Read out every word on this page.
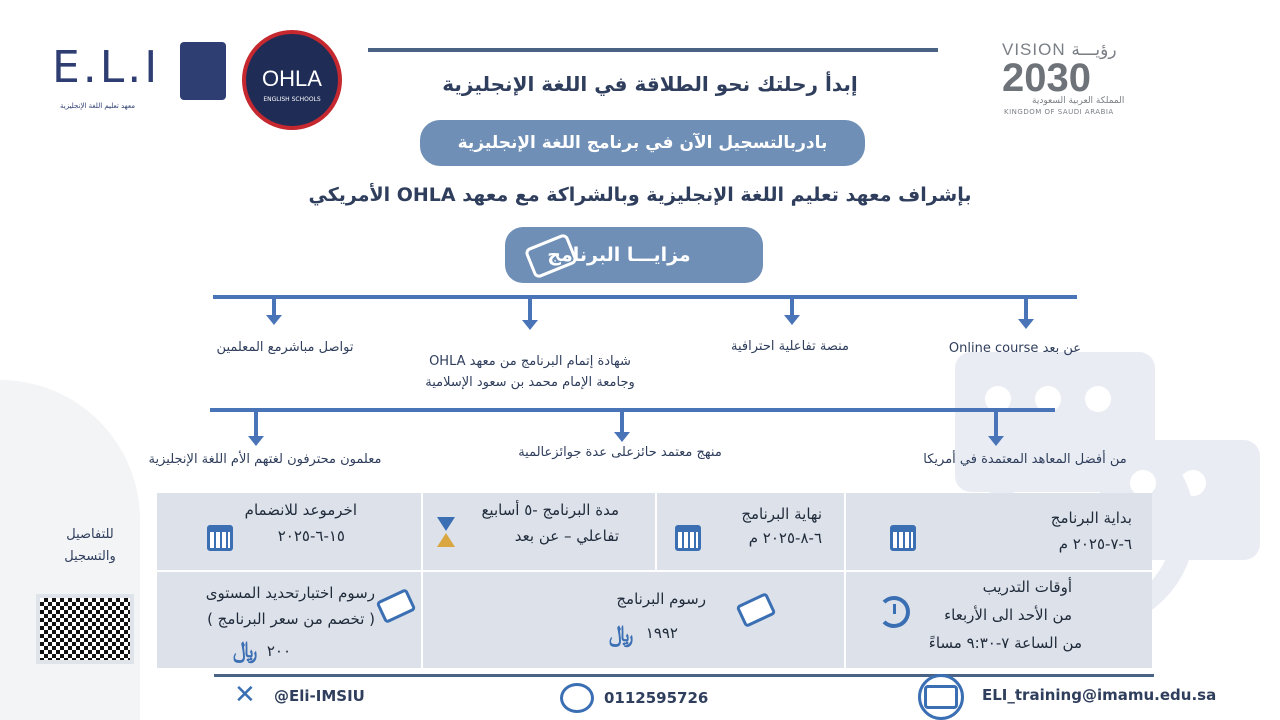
E.L.I
معهد تعليم اللغة الإنجليزية
OHLA
ENGLISH SCHOOLS
VISION رؤيـــة
2030
المملكة العربية السعودية
KINGDOM OF SAUDI ARABIA
إبدأ رحلتك نحو الطلاقة في اللغة الإنجليزية
بادربالتسجيل الآن في برنامج اللغة الإنجليزية
بإشراف معهد تعليم اللغة الإنجليزية وبالشراكة مع معهد OHLA الأمريكي
مزايـــا البرنامج
عن بعد Online course
منصة تفاعلية احترافية
شهادة إتمام البرنامج من معهد OHLA
وجامعة الإمام محمد بن سعود الإسلامية
تواصل مباشرمع المعلمين
من أفضل المعاهد المعتمدة في أمريكا
منهج معتمد حائزعلى عدة جوائزعالمية
معلمون محترفون لغتهم الأم اللغة الإنجليزية
بداية البرنامج
٦-٧-٢٠٢٥ م
نهاية البرنامج
٦-٨-٢٠٢٥ م
مدة البرنامج -٥ أسابيع
تفاعلي – عن بعد
اخرموعد للانضمام
١٥-٦-٢٠٢٥
أوقات التدريب
من الأحد الى الأربعاء
من الساعة ٧-٩:٣٠ مساءً
رسوم البرنامج
١٩٩٢
﷼
رسوم اختبارتحديد المستوى
( تخصم من سعر البرنامج )
٢٠٠
﷼
للتفاصيل
والتسجيل
✕ @Eli-IMSIU	0112595726	ELI_training@imamu.edu.sa
